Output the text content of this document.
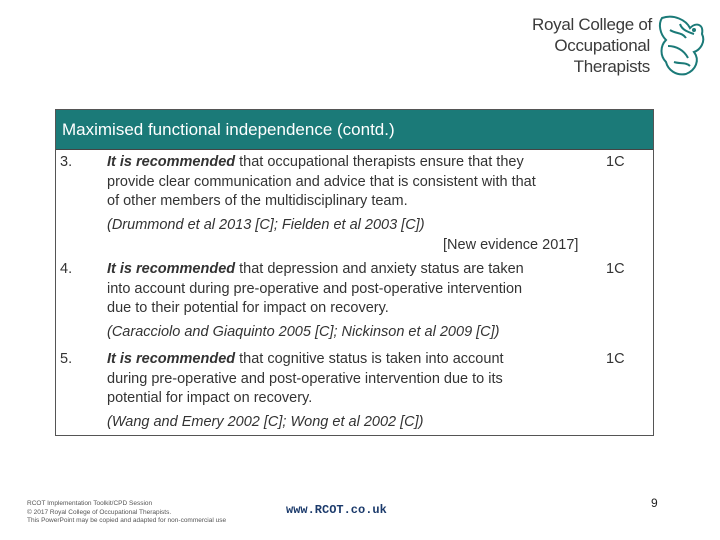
Royal College of
Occupational
Therapists
Maximised functional independence (contd.)
3. It is recommended that occupational therapists ensure that they
provide clear communication and advice that is consistent with that
of other members of the multidisciplinary team.
(Drummond et al 2013 [C]; Fielden et al 2003 [C])
1C
[New evidence 2017]
4. It is recommended that depression and anxiety status are taken
into account during pre-operative and post-operative intervention
due to their potential for impact on recovery.
(Caracciolo and Giaquinto 2005 [C]; Nickinson et al 2009 [C])
1C
5. It is recommended that cognitive status is taken into account
during pre-operative and post-operative intervention due to its
potential for impact on recovery.
(Wang and Emery 2002 [C]; Wong et al 2002 [C])
1C
RCOT Implementation Toolkit/CPD Session
© 2017 Royal College of Occupational Therapists.
This PowerPoint may be copied and adapted for non-commercial use
www.RCOT.co.uk	9
